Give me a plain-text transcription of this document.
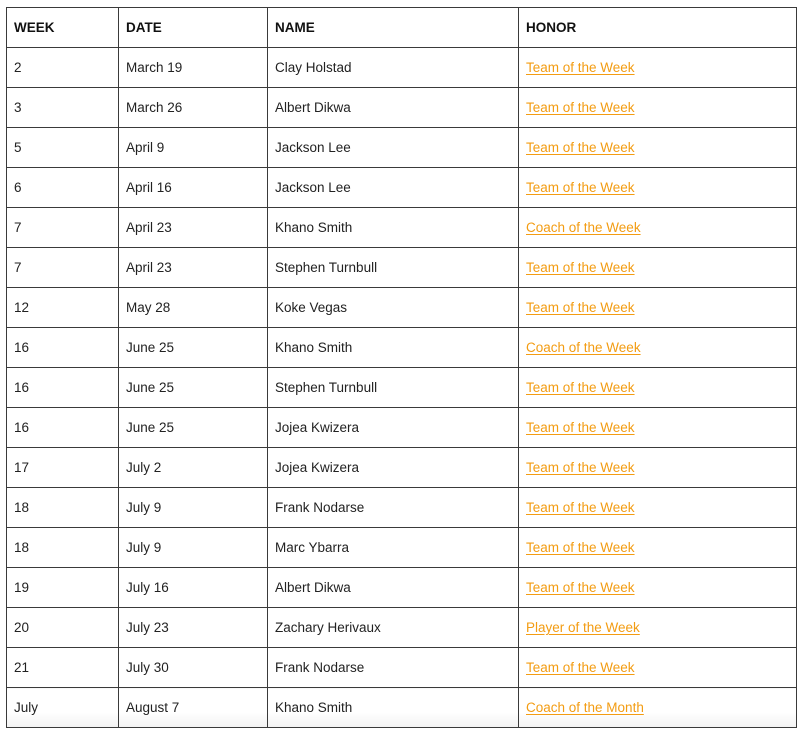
WEEK	DATE	NAME	HONOR
2	March 19	Clay Holstad	Team of the Week
3	March 26	Albert Dikwa	Team of the Week
5	April 9	Jackson Lee	Team of the Week
6	April 16	Jackson Lee	Team of the Week
7	April 23	Khano Smith	Coach of the Week
7	April 23	Stephen Turnbull	Team of the Week
12	May 28	Koke Vegas	Team of the Week
16	June 25	Khano Smith	Coach of the Week
16	June 25	Stephen Turnbull	Team of the Week
16	June 25	Jojea Kwizera	Team of the Week
17	July 2	Jojea Kwizera	Team of the Week
18	July 9	Frank Nodarse	Team of the Week
18	July 9	Marc Ybarra	Team of the Week
19	July 16	Albert Dikwa	Team of the Week
20	July 23	Zachary Herivaux	Player of the Week
21	July 30	Frank Nodarse	Team of the Week
July	August 7	Khano Smith	Coach of the Month
